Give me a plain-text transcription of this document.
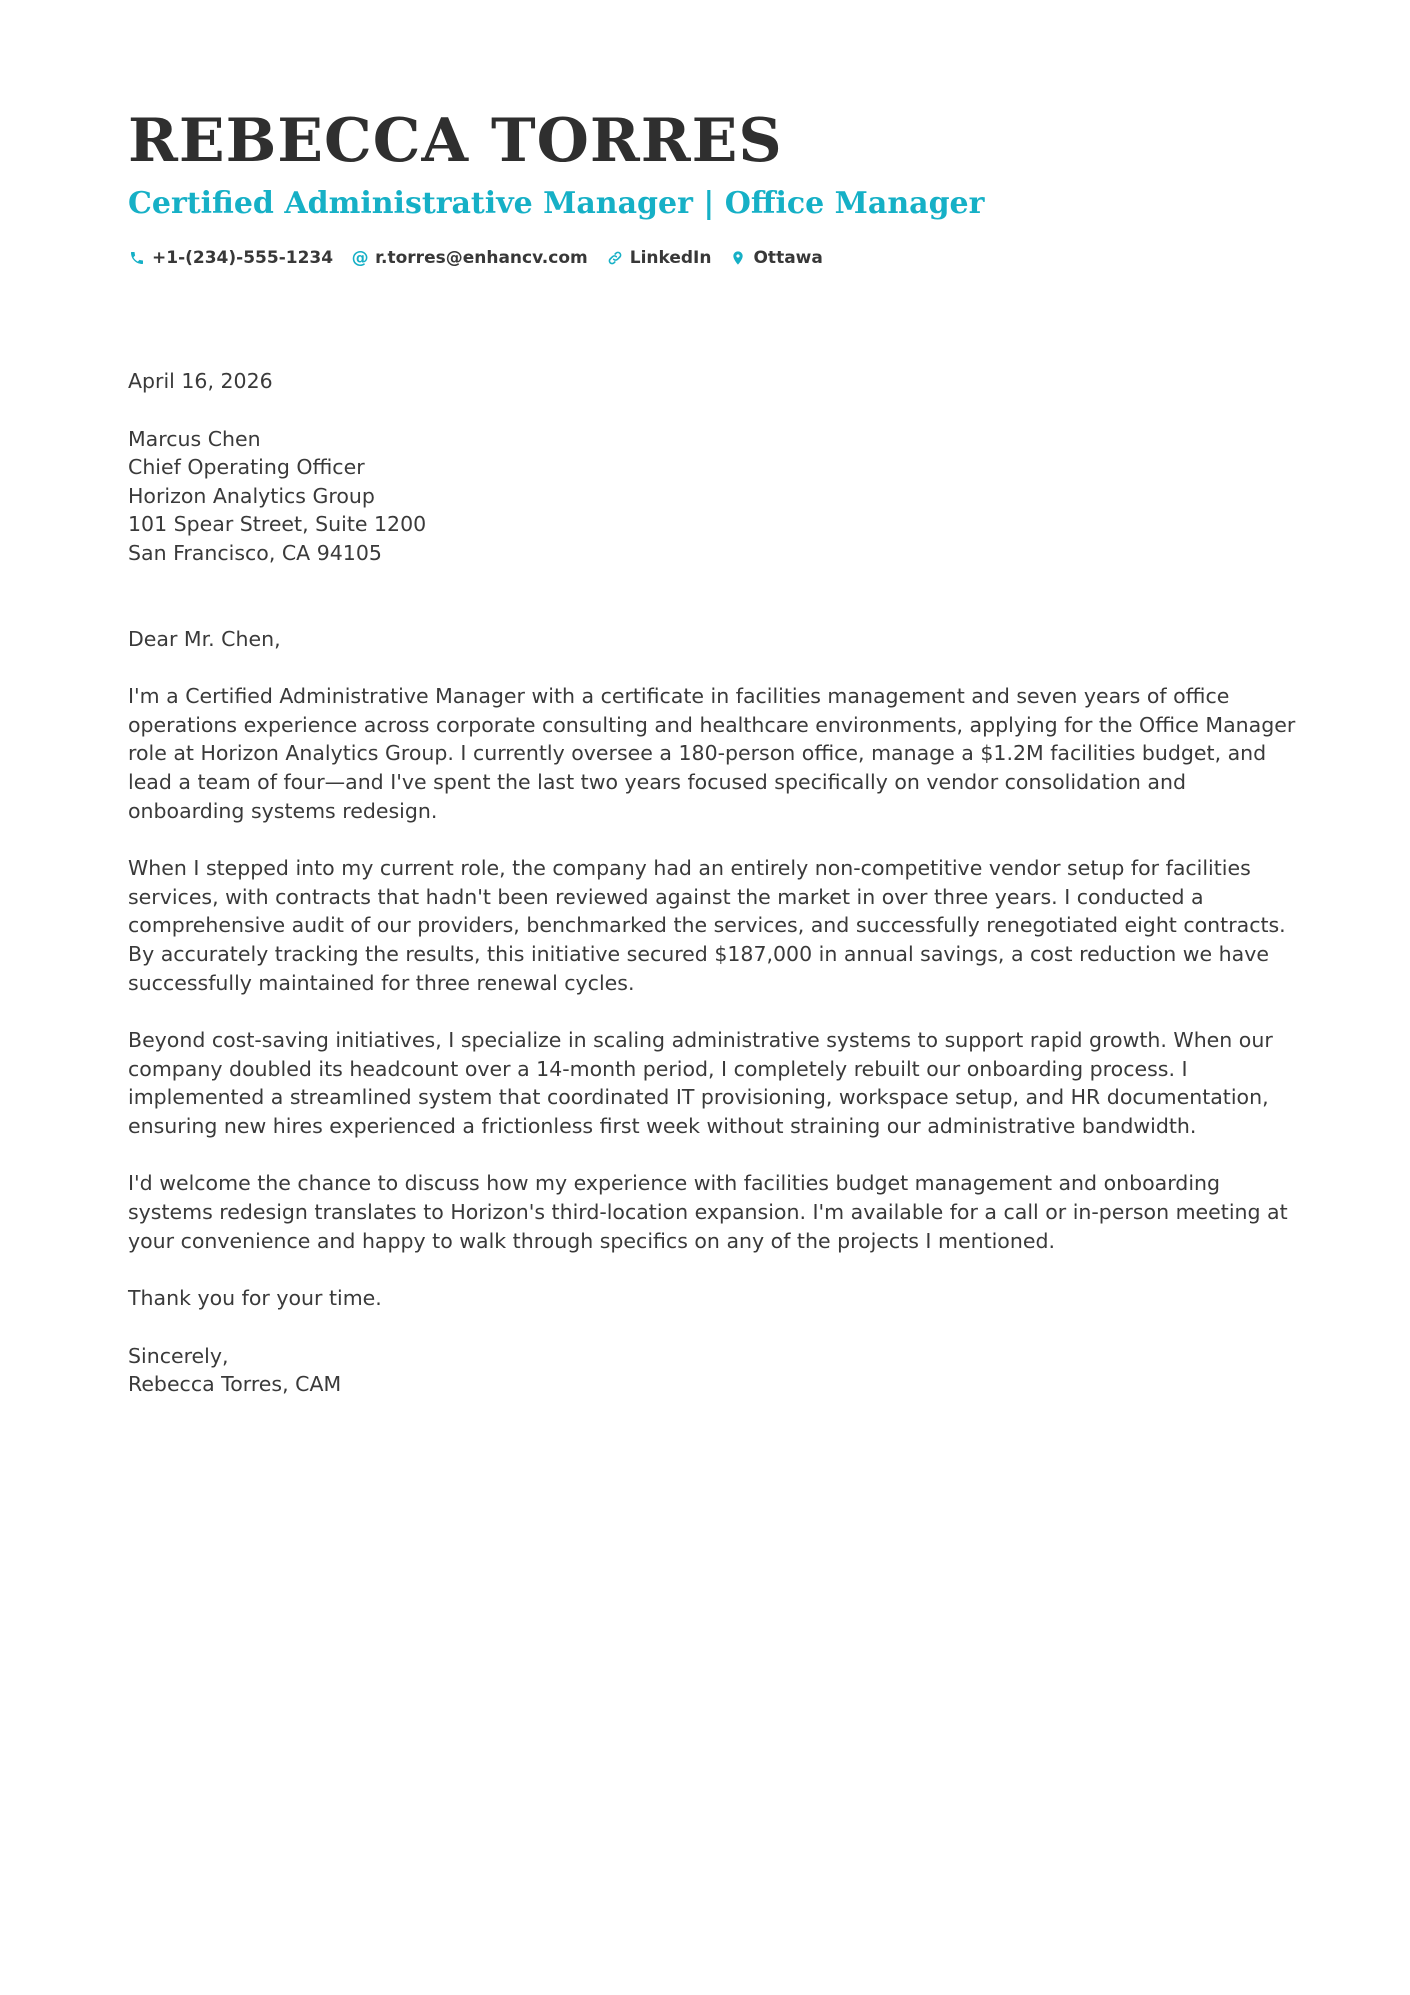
REBECCA TORRES
Certified Administrative Manager | Office Manager
+1-(234)-555-1234 @ r.torres@enhancv.com LinkedIn Ottawa

April 16, 2026

Marcus Chen
Chief Operating Officer
Horizon Analytics Group
101 Spear Street, Suite 1200
San Francisco, CA 94105

Dear Mr. Chen,

I'm a Certified Administrative Manager with a certificate in facilities management and seven years of office operations experience across corporate consulting and healthcare environments, applying for the Office Manager role at Horizon Analytics Group. I currently oversee a 180-person office, manage a $1.2M facilities budget, and lead a team of four—and I've spent the last two years focused specifically on vendor consolidation and onboarding systems redesign.

When I stepped into my current role, the company had an entirely non-competitive vendor setup for facilities services, with contracts that hadn't been reviewed against the market in over three years. I conducted a comprehensive audit of our providers, benchmarked the services, and successfully renegotiated eight contracts. By accurately tracking the results, this initiative secured $187,000 in annual savings, a cost reduction we have successfully maintained for three renewal cycles.

Beyond cost-saving initiatives, I specialize in scaling administrative systems to support rapid growth. When our company doubled its headcount over a 14-month period, I completely rebuilt our onboarding process. I implemented a streamlined system that coordinated IT provisioning, workspace setup, and HR documentation, ensuring new hires experienced a frictionless first week without straining our administrative bandwidth.

I'd welcome the chance to discuss how my experience with facilities budget management and onboarding systems redesign translates to Horizon's third-location expansion. I'm available for a call or in-person meeting at your convenience and happy to walk through specifics on any of the projects I mentioned.

Thank you for your time.

Sincerely,
Rebecca Torres, CAM
